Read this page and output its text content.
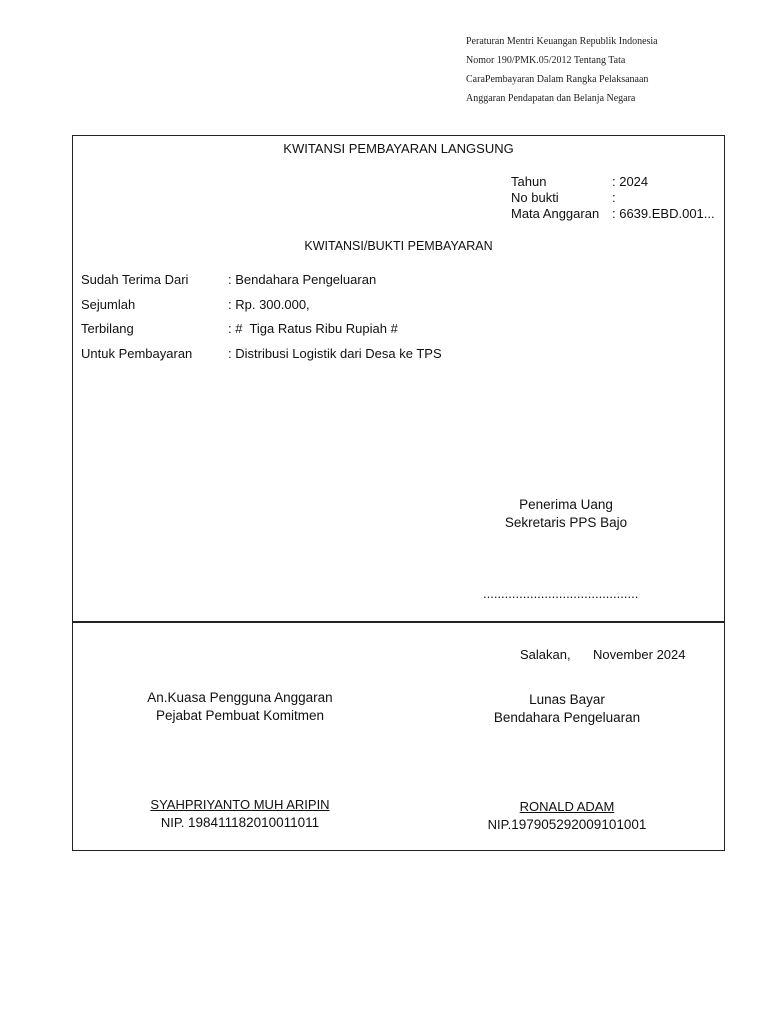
Peraturan Mentri Keuangan Republik Indonesia
Nomor 190/PMK.05/2012 Tentang Tata
CaraPembayaran Dalam Rangka Pelaksanaan
Anggaran Pendapatan dan Belanja Negara
KWITANSI PEMBAYARAN LANGSUNG
Tahun	: 2024
No bukti	:
Mata Anggaran : 6639.EBD.001...
KWITANSI/BUKTI PEMBAYARAN
Sudah Terima Dari	: Bendahara Pengeluaran
Sejumlah	: Rp. 300.000,
Terbilang	: #  Tiga Ratus Ribu Rupiah #
Untuk Pembayaran	: Distribusi Logistik dari Desa ke TPS
Penerima Uang
Sekretaris PPS Bajo
...........................................
Salakan, November 2024
An.Kuasa Pengguna Anggaran
Pejabat Pembuat Komitmen
SYAHPRIYANTO MUH ARIPIN
NIP. 198411182010011011
Lunas Bayar
Bendahara Pengeluaran
RONALD ADAM
NIP.197905292009101001
